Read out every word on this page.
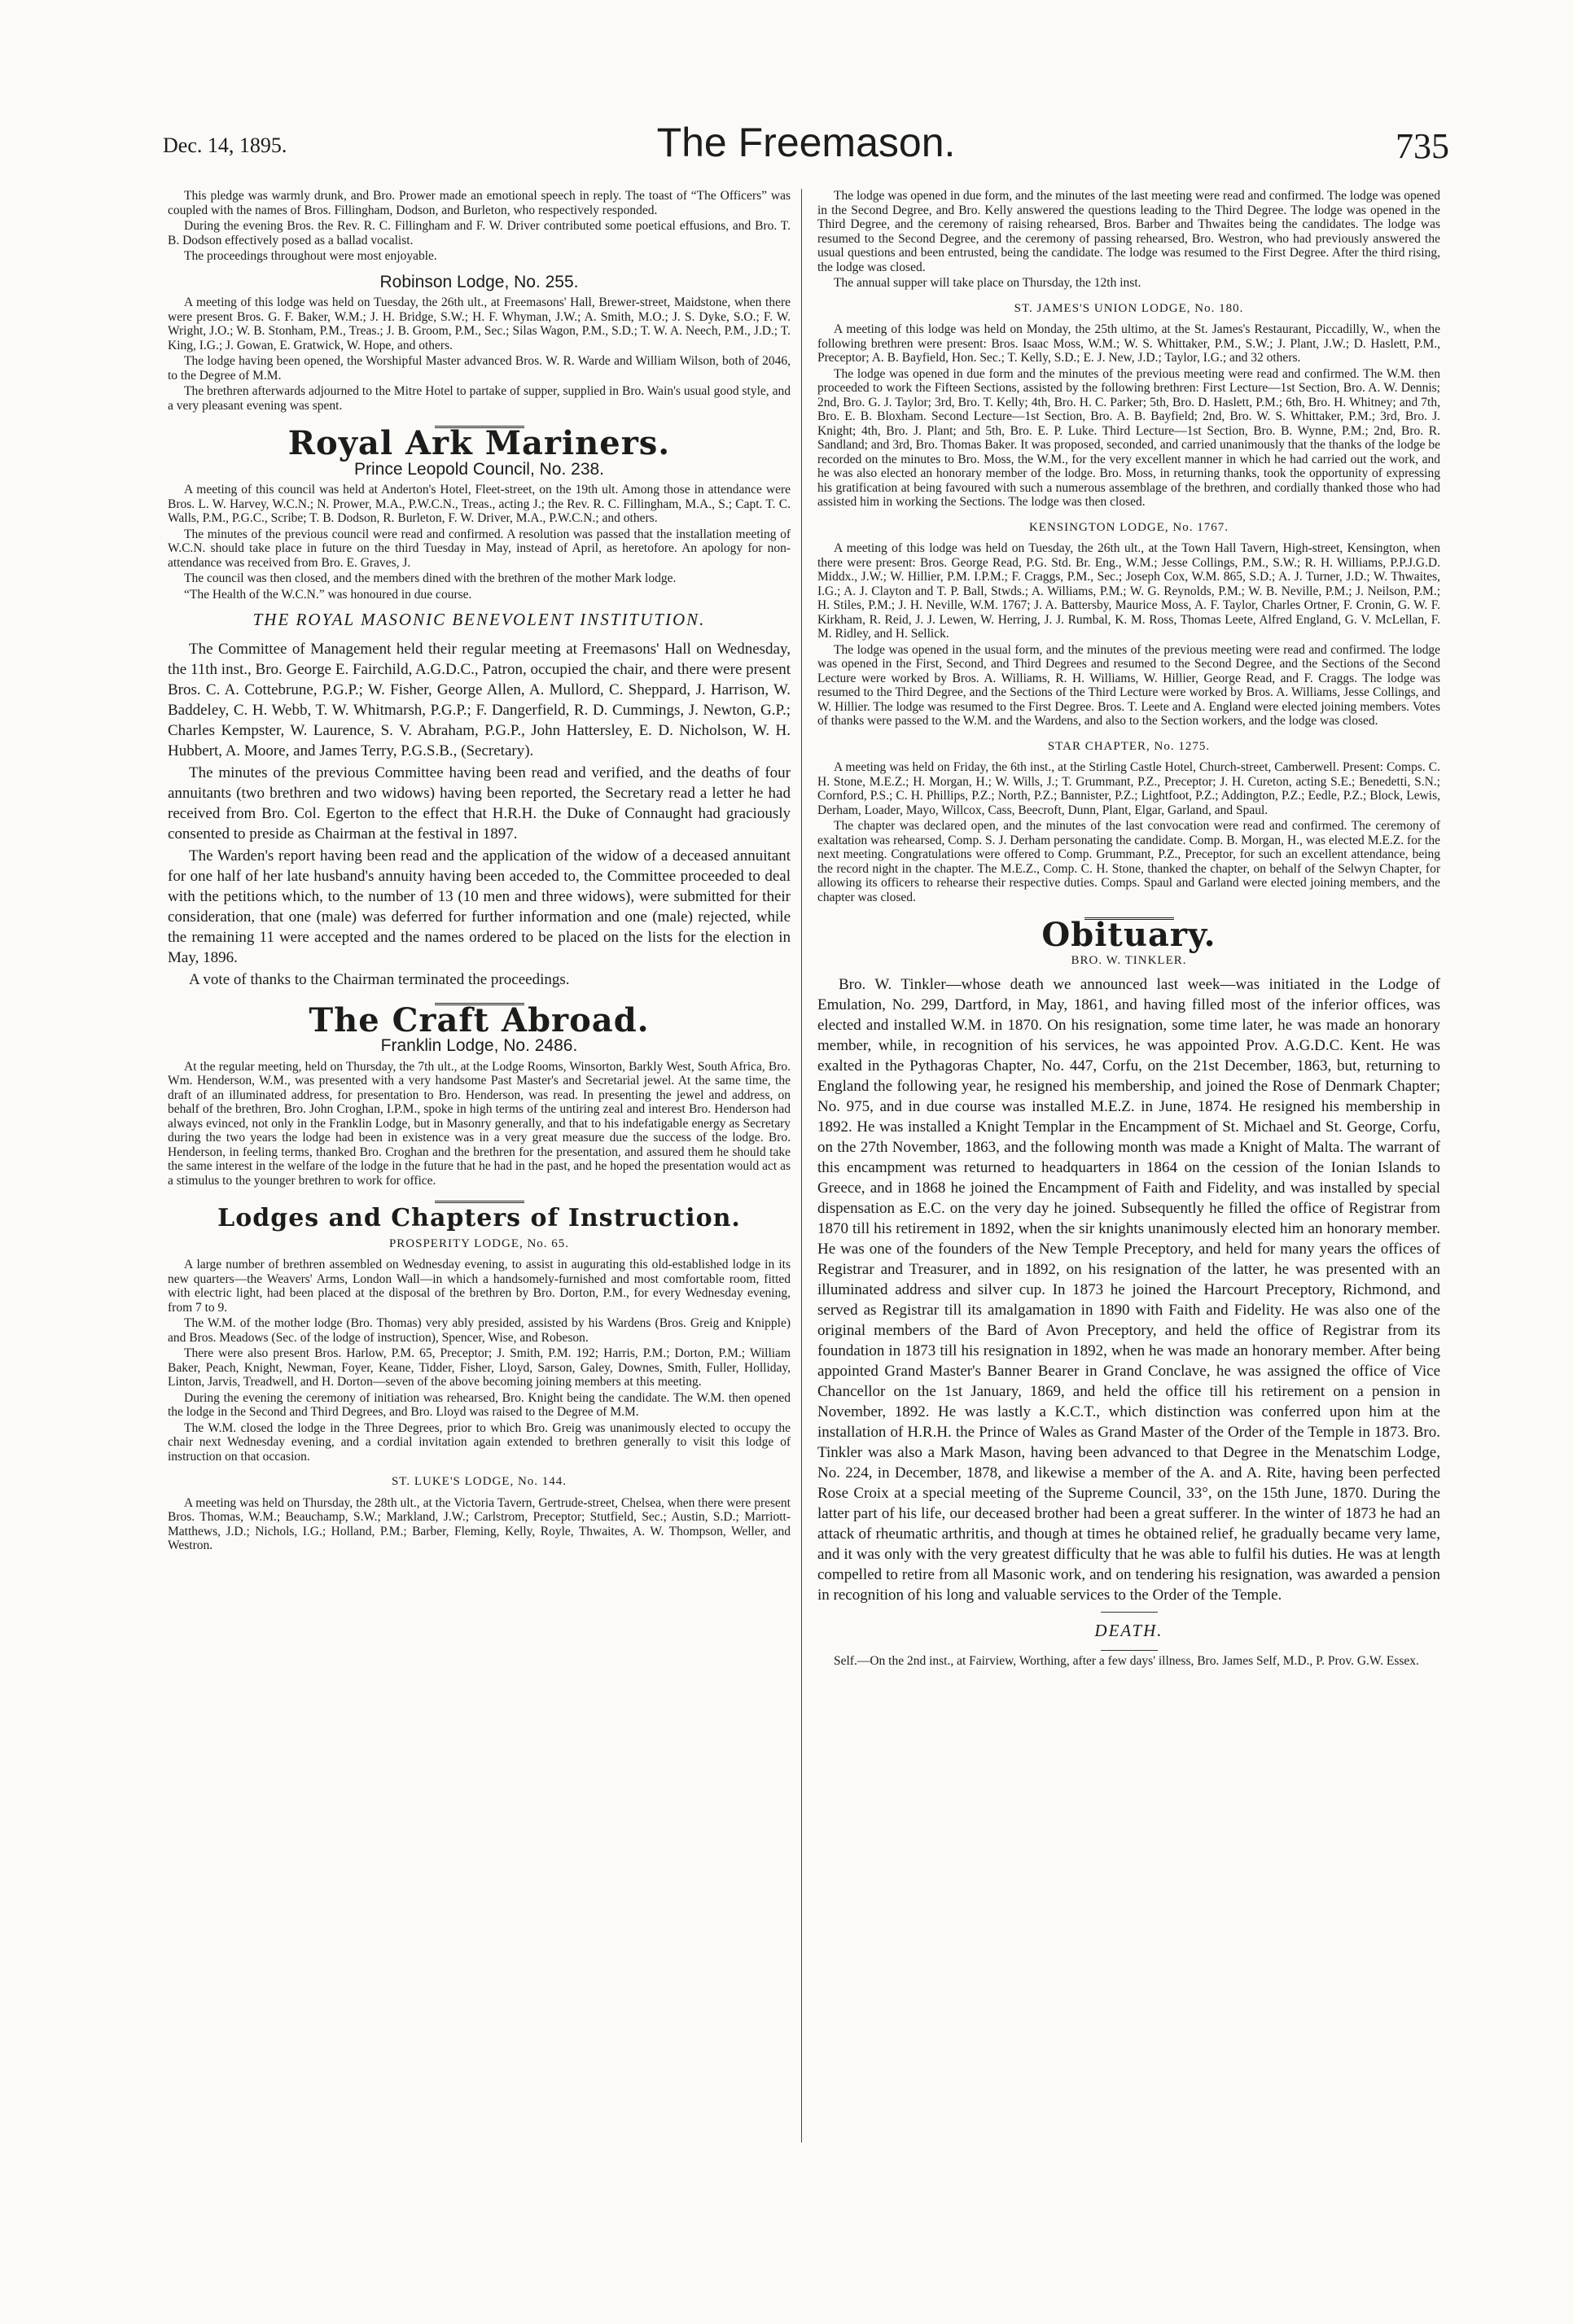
Dec. 14, 1895.	The Freemason.	735

This pledge was warmly drunk, and Bro. Prower made an emotional speech in reply. The toast of “The Officers” was coupled with the names of Bros. Fillingham, Dodson, and Burleton, who respectively responded.

During the evening Bros. the Rev. R. C. Fillingham and F. W. Driver contributed some poetical effusions, and Bro. T. B. Dodson effectively posed as a ballad vocalist.

The proceedings throughout were most enjoyable.

Robinson Lodge, No. 255.

A meeting of this lodge was held on Tuesday, the 26th ult., at Freemasons' Hall, Brewer-street, Maidstone, when there were present Bros. G. F. Baker, W.M.; J. H. Bridge, S.W.; H. F. Whyman, J.W.; A. Smith, M.O.; J. S. Dyke, S.O.; F. W. Wright, J.O.; W. B. Stonham, P.M., Treas.; J. B. Groom, P.M., Sec.; Silas Wagon, P.M., S.D.; T. W. A. Neech, P.M., J.D.; T. King, I.G.; J. Gowan, E. Gratwick, W. Hope, and others.

The lodge having been opened, the Worshipful Master advanced Bros. W. R. Warde and William Wilson, both of 2046, to the Degree of M.M.

The brethren afterwards adjourned to the Mitre Hotel to partake of supper, supplied in Bro. Wain's usual good style, and a very pleasant evening was spent.

Royal Ark Mariners.
Prince Leopold Council, No. 238.

A meeting of this council was held at Anderton's Hotel, Fleet-street, on the 19th ult. Among those in attendance were Bros. L. W. Harvey, W.C.N.; N. Prower, M.A., P.W.C.N., Treas., acting J.; the Rev. R. C. Fillingham, M.A., S.; Capt. T. C. Walls, P.M., P.G.C., Scribe; T. B. Dodson, R. Burleton, F. W. Driver, M.A., P.W.C.N.; and others.

The minutes of the previous council were read and confirmed. A resolution was passed that the installation meeting of W.C.N. should take place in future on the third Tuesday in May, instead of April, as heretofore. An apology for non-attendance was received from Bro. E. Graves, J.

The council was then closed, and the members dined with the brethren of the mother Mark lodge.

“The Health of the W.C.N.” was honoured in due course.

THE ROYAL MASONIC BENEVOLENT INSTITUTION.

The Committee of Management held their regular meeting at Freemasons' Hall on Wednesday, the 11th inst., Bro. George E. Fairchild, A.G.D.C., Patron, occupied the chair, and there were present Bros. C. A. Cottebrune, P.G.P.; W. Fisher, George Allen, A. Mullord, C. Sheppard, J. Harrison, W. Baddeley, C. H. Webb, T. W. Whitmarsh, P.G.P.; F. Dangerfield, R. D. Cummings, J. Newton, G.P.; Charles Kempster, W. Laurence, S. V. Abraham, P.G.P., John Hattersley, E. D. Nicholson, W. H. Hubbert, A. Moore, and James Terry, P.G.S.B., (Secretary).

The minutes of the previous Committee having been read and verified, and the deaths of four annuitants (two brethren and two widows) having been reported, the Secretary read a letter he had received from Bro. Col. Egerton to the effect that H.R.H. the Duke of Connaught had graciously consented to preside as Chairman at the festival in 1897.

The Warden's report having been read and the application of the widow of a deceased annuitant for one half of her late husband's annuity having been acceded to, the Committee proceeded to deal with the petitions which, to the number of 13 (10 men and three widows), were submitted for their consideration, that one (male) was deferred for further information and one (male) rejected, while the remaining 11 were accepted and the names ordered to be placed on the lists for the election in May, 1896.

A vote of thanks to the Chairman terminated the proceedings.

The Craft Abroad.
Franklin Lodge, No. 2486.

At the regular meeting, held on Thursday, the 7th ult., at the Lodge Rooms, Winsorton, Barkly West, South Africa, Bro. Wm. Henderson, W.M., was presented with a very handsome Past Master's and Secretarial jewel. At the same time, the draft of an illuminated address, for presentation to Bro. Henderson, was read. In presenting the jewel and address, on behalf of the brethren, Bro. John Croghan, I.P.M., spoke in high terms of the untiring zeal and interest Bro. Henderson had always evinced, not only in the Franklin Lodge, but in Masonry generally, and that to his indefatigable energy as Secretary during the two years the lodge had been in existence was in a very great measure due the success of the lodge. Bro. Henderson, in feeling terms, thanked Bro. Croghan and the brethren for the presentation, and assured them he should take the same interest in the welfare of the lodge in the future that he had in the past, and he hoped the presentation would act as a stimulus to the younger brethren to work for office.

Lodges and Chapters of Instruction.
PROSPERITY LODGE, No. 65.

A large number of brethren assembled on Wednesday evening, to assist in augurating this old-established lodge in its new quarters—the Weavers' Arms, London Wall—in which a handsomely-furnished and most comfortable room, fitted with electric light, had been placed at the disposal of the brethren by Bro. Dorton, P.M., for every Wednesday evening, from 7 to 9.

The W.M. of the mother lodge (Bro. Thomas) very ably presided, assisted by his Wardens (Bros. Greig and Knipple) and Bros. Meadows (Sec. of the lodge of instruction), Spencer, Wise, and Robeson.

There were also present Bros. Harlow, P.M. 65, Preceptor; J. Smith, P.M. 192; Harris, P.M.; Dorton, P.M.; William Baker, Peach, Knight, Newman, Foyer, Keane, Tidder, Fisher, Lloyd, Sarson, Galey, Downes, Smith, Fuller, Holliday, Linton, Jarvis, Treadwell, and H. Dorton—seven of the above becoming joining members at this meeting.

During the evening the ceremony of initiation was rehearsed, Bro. Knight being the candidate. The W.M. then opened the lodge in the Second and Third Degrees, and Bro. Lloyd was raised to the Degree of M.M.

The W.M. closed the lodge in the Three Degrees, prior to which Bro. Greig was unanimously elected to occupy the chair next Wednesday evening, and a cordial invitation again extended to brethren generally to visit this lodge of instruction on that occasion.

ST. LUKE'S LODGE, No. 144.

A meeting was held on Thursday, the 28th ult., at the Victoria Tavern, Gertrude-street, Chelsea, when there were present Bros. Thomas, W.M.; Beauchamp, S.W.; Markland, J.W.; Carlstrom, Preceptor; Stutfield, Sec.; Austin, S.D.; Marriott-Matthews, J.D.; Nichols, I.G.; Holland, P.M.; Barber, Fleming, Kelly, Royle, Thwaites, A. W. Thompson, Weller, and Westron.

The lodge was opened in due form, and the minutes of the last meeting were read and confirmed. The lodge was opened in the Second Degree, and Bro. Kelly answered the questions leading to the Third Degree. The lodge was opened in the Third Degree, and the ceremony of raising rehearsed, Bros. Barber and Thwaites being the candidates. The lodge was resumed to the Second Degree, and the ceremony of passing rehearsed, Bro. Westron, who had previously answered the usual questions and been entrusted, being the candidate. The lodge was resumed to the First Degree. After the third rising, the lodge was closed.

The annual supper will take place on Thursday, the 12th inst.

ST. JAMES'S UNION LODGE, No. 180.

A meeting of this lodge was held on Monday, the 25th ultimo, at the St. James's Restaurant, Piccadilly, W., when the following brethren were present: Bros. Isaac Moss, W.M.; W. S. Whittaker, P.M., S.W.; J. Plant, J.W.; D. Haslett, P.M., Preceptor; A. B. Bayfield, Hon. Sec.; T. Kelly, S.D.; E. J. New, J.D.; Taylor, I.G.; and 32 others.

The lodge was opened in due form and the minutes of the previous meeting were read and confirmed. The W.M. then proceeded to work the Fifteen Sections, assisted by the following brethren: First Lecture—1st Section, Bro. A. W. Dennis; 2nd, Bro. G. J. Taylor; 3rd, Bro. T. Kelly; 4th, Bro. H. C. Parker; 5th, Bro. D. Haslett, P.M.; 6th, Bro. H. Whitney; and 7th, Bro. E. B. Bloxham. Second Lecture—1st Section, Bro. A. B. Bayfield; 2nd, Bro. W. S. Whittaker, P.M.; 3rd, Bro. J. Knight; 4th, Bro. J. Plant; and 5th, Bro. E. P. Luke. Third Lecture—1st Section, Bro. B. Wynne, P.M.; 2nd, Bro. R. Sandland; and 3rd, Bro. Thomas Baker. It was proposed, seconded, and carried unanimously that the thanks of the lodge be recorded on the minutes to Bro. Moss, the W.M., for the very excellent manner in which he had carried out the work, and he was also elected an honorary member of the lodge. Bro. Moss, in returning thanks, took the opportunity of expressing his gratification at being favoured with such a numerous assemblage of the brethren, and cordially thanked those who had assisted him in working the Sections. The lodge was then closed.

KENSINGTON LODGE, No. 1767.

A meeting of this lodge was held on Tuesday, the 26th ult., at the Town Hall Tavern, High-street, Kensington, when there were present: Bros. George Read, P.G. Std. Br. Eng., W.M.; Jesse Collings, P.M., S.W.; R. H. Williams, P.P.J.G.D. Middx., J.W.; W. Hillier, P.M. I.P.M.; F. Craggs, P.M., Sec.; Joseph Cox, W.M. 865, S.D.; A. J. Turner, J.D.; W. Thwaites, I.G.; A. J. Clayton and T. P. Ball, Stwds.; A. Williams, P.M.; W. G. Reynolds, P.M.; W. B. Neville, P.M.; J. Neilson, P.M.; H. Stiles, P.M.; J. H. Neville, W.M. 1767; J. A. Battersby, Maurice Moss, A. F. Taylor, Charles Ortner, F. Cronin, G. W. F. Kirkham, R. Reid, J. J. Lewen, W. Herring, J. J. Rumbal, K. M. Ross, Thomas Leete, Alfred England, G. V. McLellan, F. M. Ridley, and H. Sellick.

The lodge was opened in the usual form, and the minutes of the previous meeting were read and confirmed. The lodge was opened in the First, Second, and Third Degrees and resumed to the Second Degree, and the Sections of the Second Lecture were worked by Bros. A. Williams, R. H. Williams, W. Hillier, George Read, and F. Craggs. The lodge was resumed to the Third Degree, and the Sections of the Third Lecture were worked by Bros. A. Williams, Jesse Collings, and W. Hillier. The lodge was resumed to the First Degree. Bros. T. Leete and A. England were elected joining members. Votes of thanks were passed to the W.M. and the Wardens, and also to the Section workers, and the lodge was closed.

STAR CHAPTER, No. 1275.

A meeting was held on Friday, the 6th inst., at the Stirling Castle Hotel, Church-street, Camberwell. Present: Comps. C. H. Stone, M.E.Z.; H. Morgan, H.; W. Wills, J.; T. Grummant, P.Z., Preceptor; J. H. Cureton, acting S.E.; Benedetti, S.N.; Cornford, P.S.; C. H. Phillips, P.Z.; North, P.Z.; Bannister, P.Z.; Lightfoot, P.Z.; Addington, P.Z.; Eedle, P.Z.; Block, Lewis, Derham, Loader, Mayo, Willcox, Cass, Beecroft, Dunn, Plant, Elgar, Garland, and Spaul.

The chapter was declared open, and the minutes of the last convocation were read and confirmed. The ceremony of exaltation was rehearsed, Comp. S. J. Derham personating the candidate. Comp. B. Morgan, H., was elected M.E.Z. for the next meeting. Congratulations were offered to Comp. Grummant, P.Z., Preceptor, for such an excellent attendance, being the record night in the chapter. The M.E.Z., Comp. C. H. Stone, thanked the chapter, on behalf of the Selwyn Chapter, for allowing its officers to rehearse their respective duties. Comps. Spaul and Garland were elected joining members, and the chapter was closed.

Obituary.
BRO. W. TINKLER.

Bro. W. Tinkler—whose death we announced last week—was initiated in the Lodge of Emulation, No. 299, Dartford, in May, 1861, and having filled most of the inferior offices, was elected and installed W.M. in 1870. On his resignation, some time later, he was made an honorary member, while, in recognition of his services, he was appointed Prov. A.G.D.C. Kent. He was exalted in the Pythagoras Chapter, No. 447, Corfu, on the 21st December, 1863, but, returning to England the following year, he resigned his membership, and joined the Rose of Denmark Chapter; No. 975, and in due course was installed M.E.Z. in June, 1874. He resigned his membership in 1892. He was installed a Knight Templar in the Encampment of St. Michael and St. George, Corfu, on the 27th November, 1863, and the following month was made a Knight of Malta. The warrant of this encampment was returned to headquarters in 1864 on the cession of the Ionian Islands to Greece, and in 1868 he joined the Encampment of Faith and Fidelity, and was installed by special dispensation as E.C. on the very day he joined. Subsequently he filled the office of Registrar from 1870 till his retirement in 1892, when the sir knights unanimously elected him an honorary member. He was one of the founders of the New Temple Preceptory, and held for many years the offices of Registrar and Treasurer, and in 1892, on his resignation of the latter, he was presented with an illuminated address and silver cup. In 1873 he joined the Harcourt Preceptory, Richmond, and served as Registrar till its amalgamation in 1890 with Faith and Fidelity. He was also one of the original members of the Bard of Avon Preceptory, and held the office of Registrar from its foundation in 1873 till his resignation in 1892, when he was made an honorary member. After being appointed Grand Master's Banner Bearer in Grand Conclave, he was assigned the office of Vice Chancellor on the 1st January, 1869, and held the office till his retirement on a pension in November, 1892. He was lastly a K.C.T., which distinction was conferred upon him at the installation of H.R.H. the Prince of Wales as Grand Master of the Order of the Temple in 1873. Bro. Tinkler was also a Mark Mason, having been advanced to that Degree in the Menatschim Lodge, No. 224, in December, 1878, and likewise a member of the A. and A. Rite, having been perfected Rose Croix at a special meeting of the Supreme Council, 33°, on the 15th June, 1870. During the latter part of his life, our deceased brother had been a great sufferer. In the winter of 1873 he had an attack of rheumatic arthritis, and though at times he obtained relief, he gradually became very lame, and it was only with the very greatest difficulty that he was able to fulfil his duties. He was at length compelled to retire from all Masonic work, and on tendering his resignation, was awarded a pension in recognition of his long and valuable services to the Order of the Temple.

DEATH.

Self.—On the 2nd inst., at Fairview, Worthing, after a few days' illness, Bro. James Self, M.D., P. Prov. G.W. Essex.
